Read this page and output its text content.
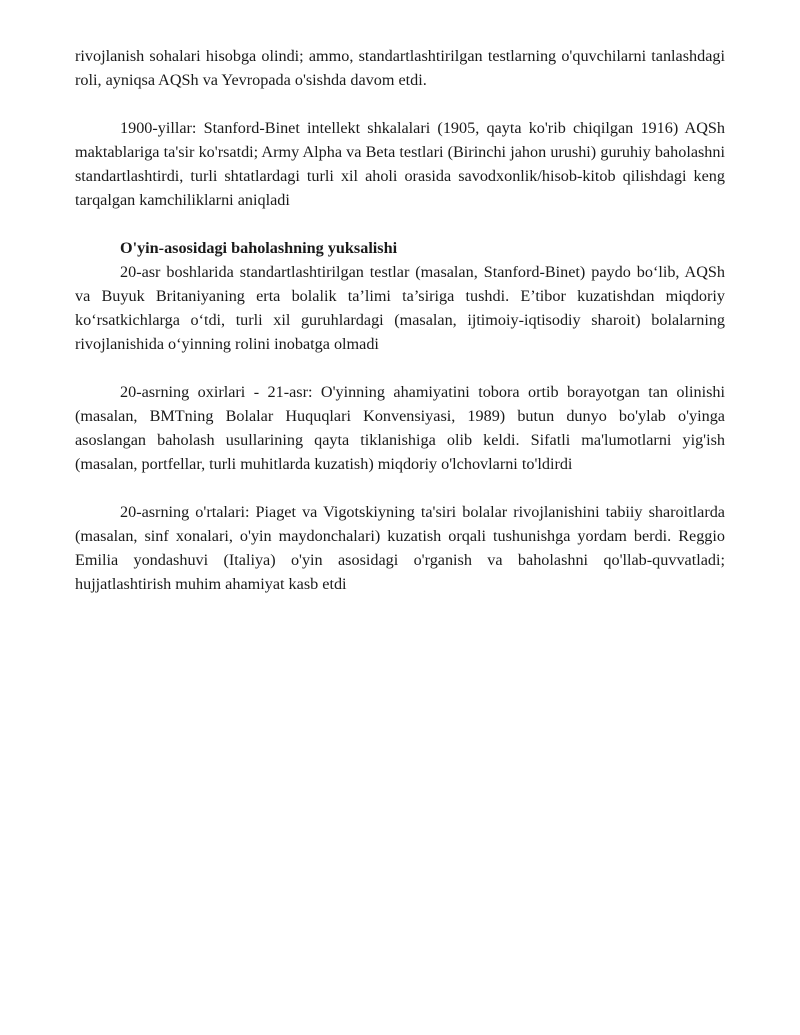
rivojlanish sohalari hisobga olindi; ammo, standartlashtirilgan testlarning o'quvchilarni tanlashdagi roli, ayniqsa AQSh va Yevropada o'sishda davom etdi.

1900-yillar: Stanford-Binet intellekt shkalalari (1905, qayta ko'rib chiqilgan 1916) AQSh maktablariga ta'sir ko'rsatdi; Army Alpha va Beta testlari (Birinchi jahon urushi) guruhiy baholashni standartlashtirdi, turli shtatlardagi turli xil aholi orasida savodxonlik/hisob-kitob qilishdagi keng tarqalgan kamchiliklarni aniqladi

O'yin-asosidagi baholashning yuksalishi

20-asr boshlarida standartlashtirilgan testlar (masalan, Stanford-Binet) paydo bo‘lib, AQSh va Buyuk Britaniyaning erta bolalik ta’limi ta’siriga tushdi. E’tibor kuzatishdan miqdoriy ko‘rsatkichlarga o‘tdi, turli xil guruhlardagi (masalan, ijtimoiy-iqtisodiy sharoit) bolalarning rivojlanishida o‘yinning rolini inobatga olmadi

20-asrning oxirlari - 21-asr: O'yinning ahamiyatini tobora ortib borayotgan tan olinishi (masalan, BMTning Bolalar Huquqlari Konvensiyasi, 1989) butun dunyo bo'ylab o'yinga asoslangan baholash usullarining qayta tiklanishiga olib keldi. Sifatli ma'lumotlarni yig'ish (masalan, portfellar, turli muhitlarda kuzatish) miqdoriy o'lchovlarni to'ldirdi

20-asrning o'rtalari: Piaget va Vigotskiyning ta'siri bolalar rivojlanishini tabiiy sharoitlarda (masalan, sinf xonalari, o'yin maydonchalari) kuzatish orqali tushunishga yordam berdi. Reggio Emilia yondashuvi (Italiya) o'yin asosidagi o'rganish va baholashni qo'llab-quvvatladi; hujjatlashtirish muhim ahamiyat kasb etdi
